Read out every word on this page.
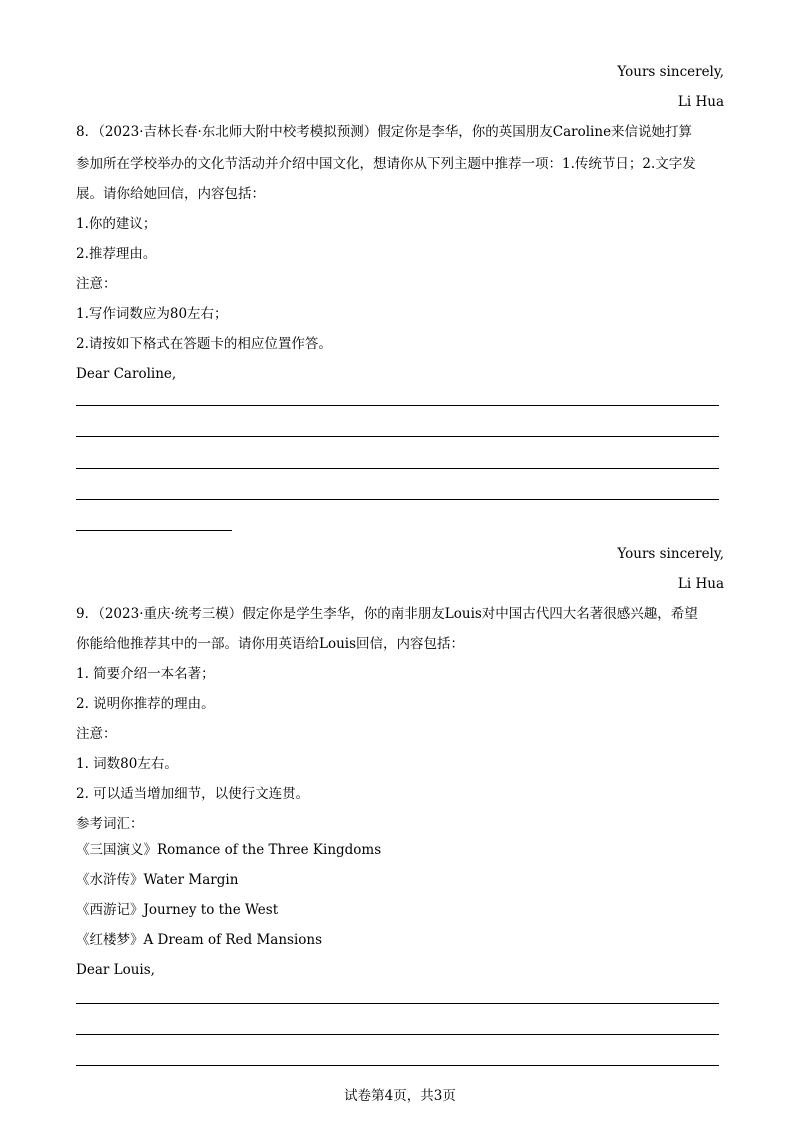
Yours sincerely,
Li Hua
8．（2023·吉林长春·东北师大附中校考模拟预测）假定你是李华，你的英国朋友Caroline来信说她打算
参加所在学校举办的文化节活动并介绍中国文化，想请你从下列主题中推荐一项：1.传统节日；2.文字发
展。请你给她回信，内容包括：
1.你的建议；
2.推荐理由。
注意：
1.写作词数应为80左右；
2.请按如下格式在答题卡的相应位置作答。
Dear Caroline,
Yours sincerely,
Li Hua
9．（2023·重庆·统考三模）假定你是学生李华，你的南非朋友Louis对中国古代四大名著很感兴趣，希望
你能给他推荐其中的一部。请你用英语给Louis回信，内容包括：
1. 简要介绍一本名著；
2. 说明你推荐的理由。
注意：
1. 词数80左右。
2. 可以适当增加细节，以使行文连贯。
参考词汇：
《三国演义》Romance of the Three Kingdoms
《水浒传》Water Margin
《西游记》Journey to the West
《红楼梦》A Dream of Red Mansions
Dear Louis,
试卷第4页，共3页
